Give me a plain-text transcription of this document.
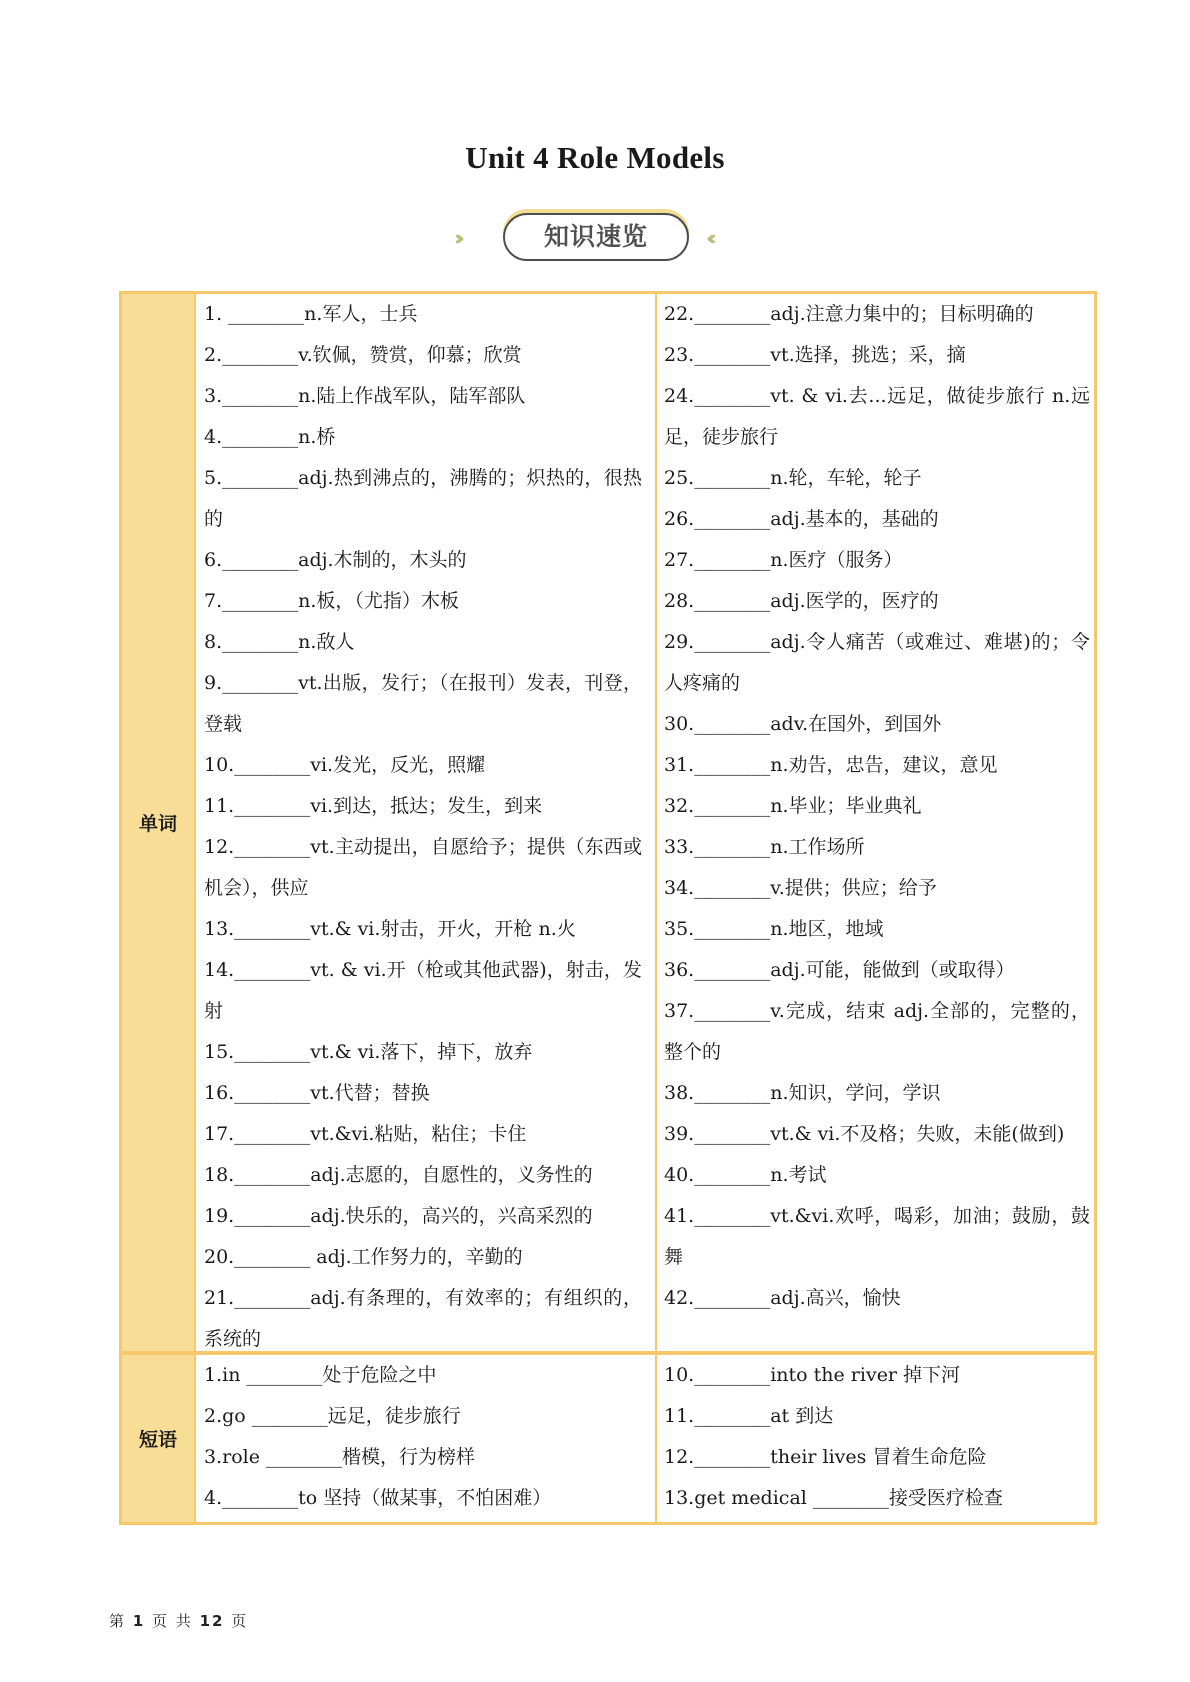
Unit 4 Role Models
›››	知识速览	‹‹‹
单词
1. ________n.军人，士兵
2.________v.钦佩，赞赏，仰慕；欣赏
3.________n.陆上作战军队，陆军部队
4.________n.桥
5.________adj.热到沸点的，沸腾的；炽热的，很热的
6.________adj.木制的，木头的
7.________n.板，（尤指）木板
8.________n.敌人
9.________vt.出版，发行；（在报刊）发表，刊登，登载
10.________vi.发光，反光，照耀
11.________vi.到达，抵达；发生，到来
12.________vt.主动提出，自愿给予；提供（东西或机会），供应
13.________vt.& vi.射击，开火，开枪 n.火
14.________vt. & vi.开（枪或其他武器)，射击，发射
15.________vt.& vi.落下，掉下，放弃
16.________vt.代替；替换
17.________vt.&vi.粘贴，粘住；卡住
18.________adj.志愿的，自愿性的，义务性的
19.________adj.快乐的，高兴的，兴高采烈的
20.________ adj.工作努力的，辛勤的
21.________adj.有条理的，有效率的；有组织的，系统的
22.________adj.注意力集中的；目标明确的
23.________vt.选择，挑选；采，摘
24.________vt. & vi.去...远足，做徒步旅行 n.远足，徒步旅行
25.________n.轮，车轮，轮子
26.________adj.基本的，基础的
27.________n.医疗（服务）
28.________adj.医学的，医疗的
29.________adj.令人痛苦（或难过、难堪)的；令人疼痛的
30.________adv.在国外，到国外
31.________n.劝告，忠告，建议，意见
32.________n.毕业；毕业典礼
33.________n.工作场所
34.________v.提供；供应；给予
35.________n.地区，地域
36.________adj.可能，能做到（或取得）
37.________v.完成，结束 adj.全部的，完整的，整个的
38.________n.知识，学问，学识
39.________vt.& vi.不及格；失败，未能(做到)
40.________n.考试
41.________vt.&vi.欢呼，喝彩，加油；鼓励，鼓舞
42.________adj.高兴，愉快
短语
1.in ________处于危险之中
2.go ________远足，徒步旅行
3.role ________楷模，行为榜样
4.________to 坚持（做某事，不怕困难）
10.________into the river 掉下河
11.________at 到达
12.________their lives 冒着生命危险
13.get medical ________接受医疗检查
第 1 页 共 12 页
